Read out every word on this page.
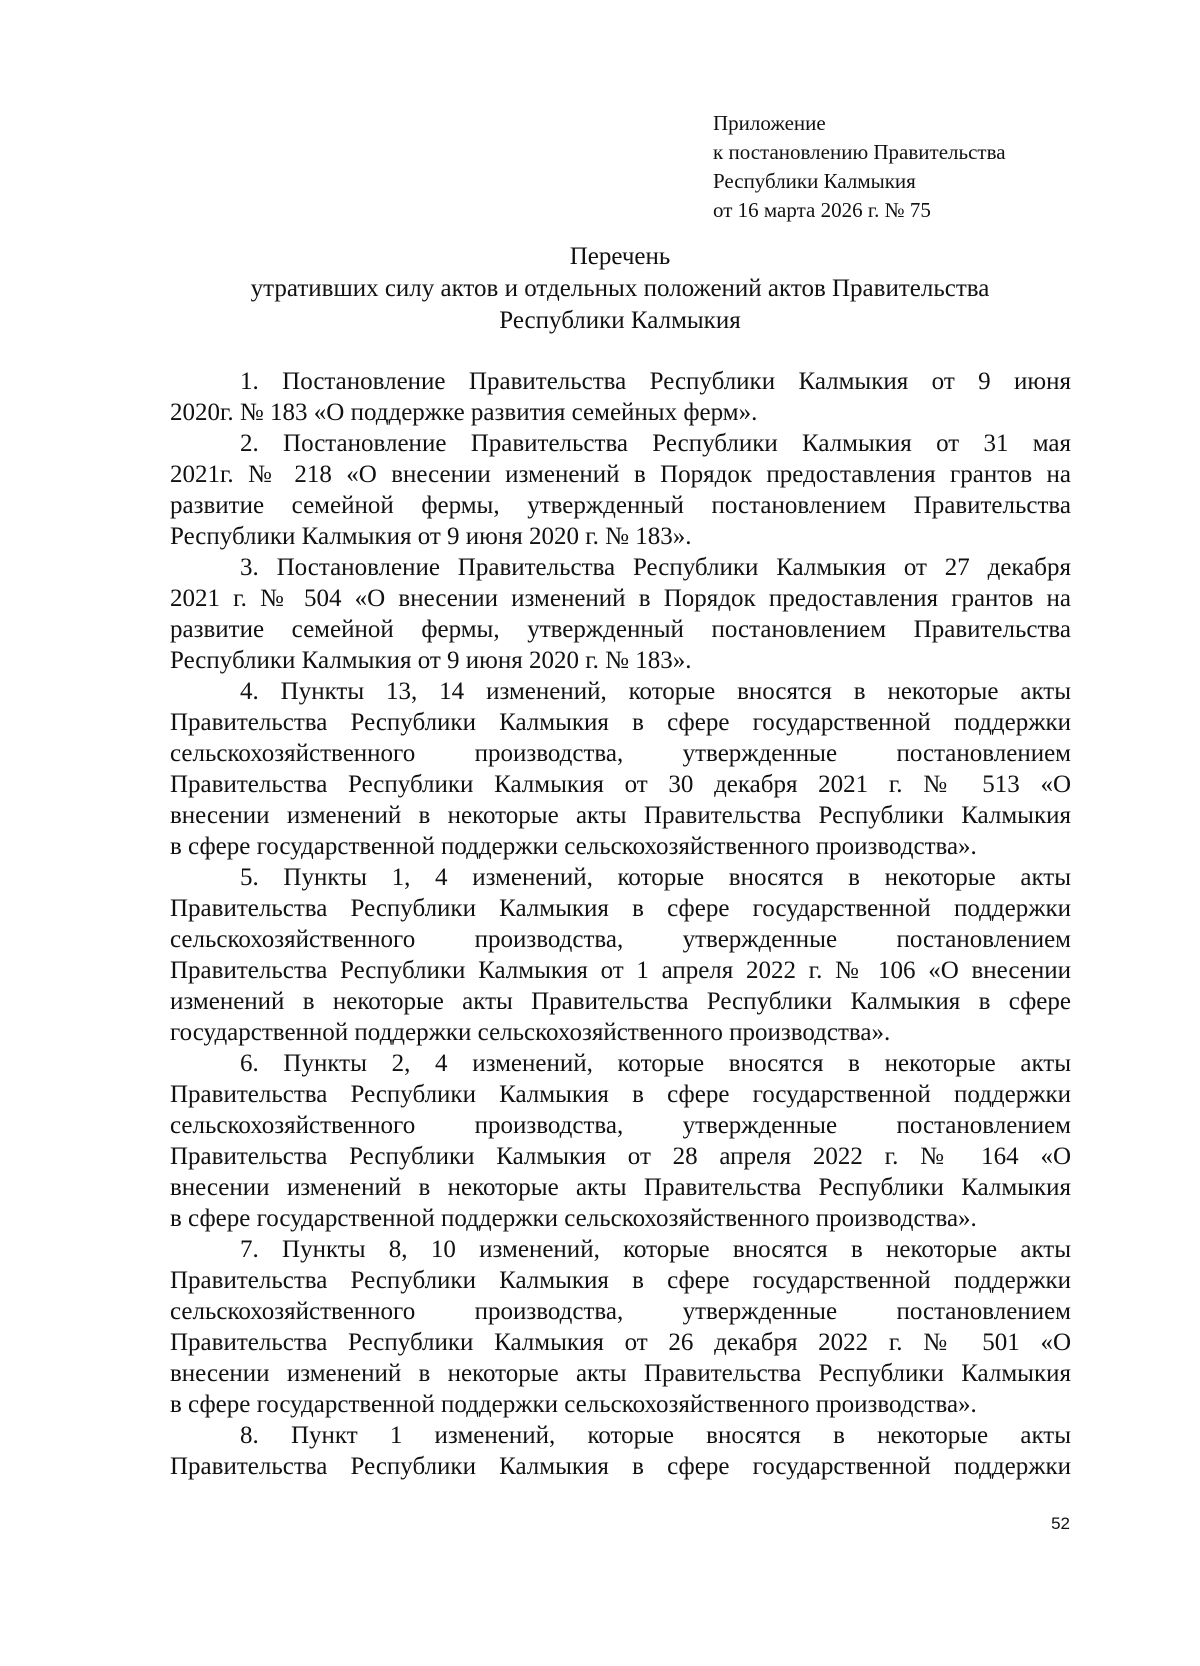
Приложение
к постановлению Правительства
Республики Калмыкия
от 16 марта 2026 г. № 75
Перечень
утративших силу актов и отдельных положений актов Правительства
Республики Калмыкия
1. Постановление Правительства Республики Калмыкия от 9 июня
2020г. № 183 «О поддержке развития семейных ферм».
2. Постановление Правительства Республики Калмыкия от 31 мая
2021г. № 218 «О внесении изменений в Порядок предоставления грантов на
развитие семейной фермы, утвержденный постановлением Правительства
Республики Калмыкия от 9 июня 2020 г. № 183».
3. Постановление Правительства Республики Калмыкия от 27 декабря
2021 г. № 504 «О внесении изменений в Порядок предоставления грантов на
развитие семейной фермы, утвержденный постановлением Правительства
Республики Калмыкия от 9 июня 2020 г. № 183».
4. Пункты 13, 14 изменений, которые вносятся в некоторые акты
Правительства Республики Калмыкия в сфере государственной поддержки
сельскохозяйственного производства, утвержденные постановлением
Правительства Республики Калмыкия от 30 декабря 2021 г. № 513 «О
внесении изменений в некоторые акты Правительства Республики Калмыкия
в сфере государственной поддержки сельскохозяйственного производства».
5. Пункты 1, 4 изменений, которые вносятся в некоторые акты
Правительства Республики Калмыкия в сфере государственной поддержки
сельскохозяйственного производства, утвержденные постановлением
Правительства Республики Калмыкия от 1 апреля 2022 г. № 106 «О внесении
изменений в некоторые акты Правительства Республики Калмыкия в сфере
государственной поддержки сельскохозяйственного производства».
6. Пункты 2, 4 изменений, которые вносятся в некоторые акты
Правительства Республики Калмыкия в сфере государственной поддержки
сельскохозяйственного производства, утвержденные постановлением
Правительства Республики Калмыкия от 28 апреля 2022 г. № 164 «О
внесении изменений в некоторые акты Правительства Республики Калмыкия
в сфере государственной поддержки сельскохозяйственного производства».
7. Пункты 8, 10 изменений, которые вносятся в некоторые акты
Правительства Республики Калмыкия в сфере государственной поддержки
сельскохозяйственного производства, утвержденные постановлением
Правительства Республики Калмыкия от 26 декабря 2022 г. № 501 «О
внесении изменений в некоторые акты Правительства Республики Калмыкия
в сфере государственной поддержки сельскохозяйственного производства».
8. Пункт 1 изменений, которые вносятся в некоторые акты
Правительства Республики Калмыкия в сфере государственной поддержки
52
